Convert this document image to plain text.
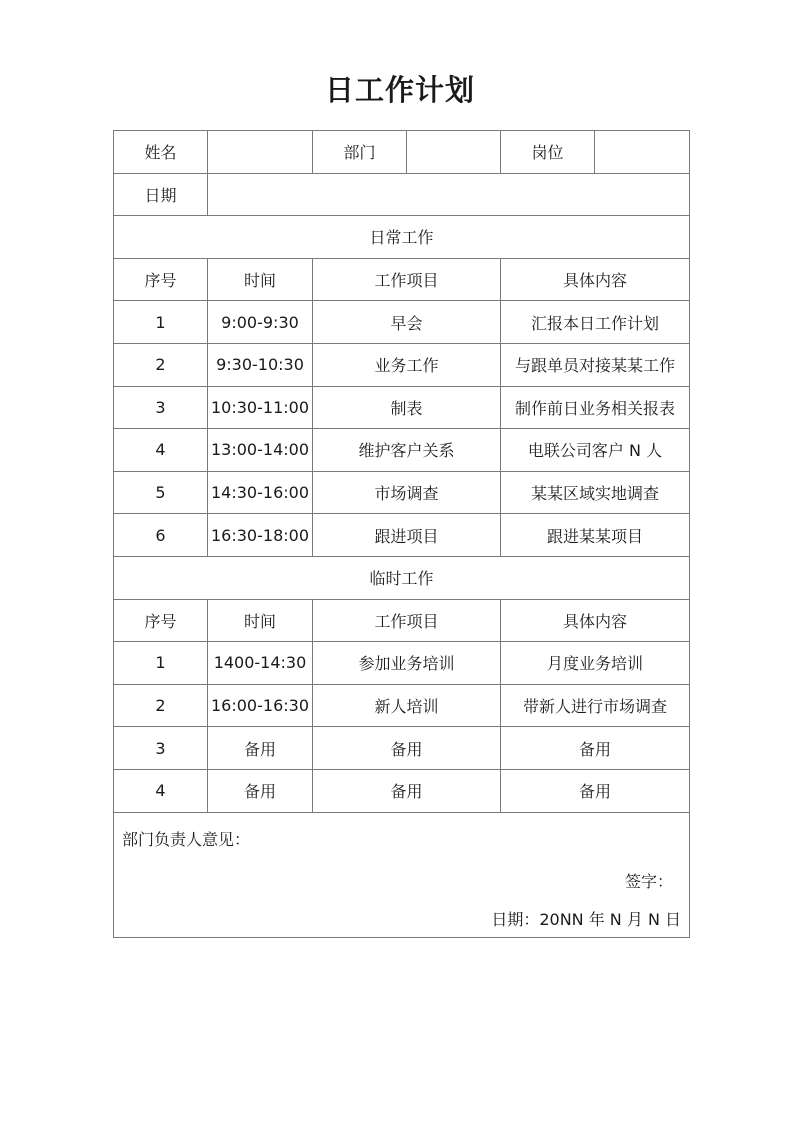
日工作计划
姓名		部门		岗位	
日期					
日常工作					
序号	时间	工作项目		具体内容	
1	9:00-9:30	早会		汇报本日工作计划	
2	9:30-10:30	业务工作		与跟单员对接某某工作	
3	10:30-11:00	制表		制作前日业务相关报表	
4	13:00-14:00	维护客户关系		电联公司客户 N 人	
5	14:30-16:00	市场调查		某某区域实地调查	
6	16:30-18:00	跟进项目		跟进某某项目	
临时工作					
序号	时间	工作项目		具体内容	
1	1400-14:30	参加业务培训		月度业务培训	
2	16:00-16:30	新人培训		带新人进行市场调查	
3	备用	备用		备用	
4	备用	备用		备用	

部门负责人意见：
签字：
日期：20NN 年 N 月 N 日					
